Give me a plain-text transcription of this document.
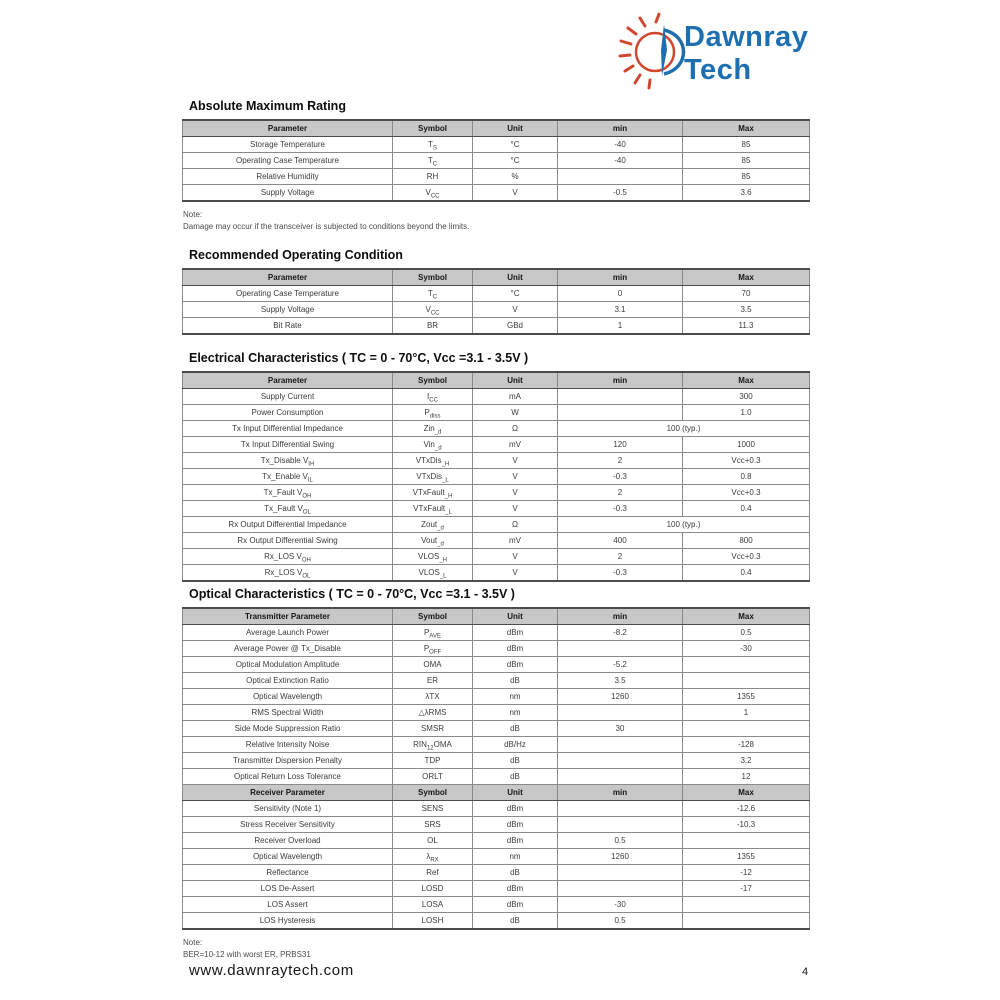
Dawnray Tech
Absolute Maximum Rating
Parameter	Symbol	Unit	min	Max
Storage Temperature	$T_S$	°C	-40	85
Operating Case Temperature	$T_C$	°C	-40	85
Relative Humidity	RH	%		85
Supply Voltage	$V_{CC}$	V	-0.5	3.6
Note:
Damage may occur if the transceiver is subjected to conditions beyond the limits.
Recommended Operating Condition
Parameter	Symbol	Unit	min	Max
Operating Case Temperature	$T_C$	°C	0	70
Supply Voltage	$V_{CC}$	V	3.1	3.5
Bit Rate	BR	GBd	1	11.3
Electrical Characteristics ( TC = 0 - 70°C, Vcc =3.1 - 3.5V )
Parameter	Symbol	Unit	min	Max
Supply Current	$I_{CC}$	mA		300
Power Consumption	$P_{diss}$	W		1.0
Tx Input Differential Impedance	Zin$_{\_d}$	Ω	100 (typ.)	
Tx Input Differential Swing	Vin$_{\_d}$	mV	120	1000
Tx_Disable $V_{IH}$	VTxDis$_{\_H}$	V	2	Vcc+0.3
Tx_Enable $V_{IL}$	VTxDis$_{\_L}$	V	-0.3	0.8
Tx_Fault $V_{OH}$	VTxFault$_{\_H}$	V	2	Vcc+0.3
Tx_Fault $V_{OL}$	VTxFault$_{\_L}$	V	-0.3	0.4
Rx Output Differential Impedance	Zout$_{\_d}$	Ω	100 (typ.)	
Rx Output Differential Swing	Vout$_{\_d}$	mV	400	800
Rx_LOS $V_{OH}$	$VLOS_{\_H}$	V	2	Vcc+0.3
Rx_LOS $V_{OL}$	$VLOS_{\_L}$	V	-0.3	0.4
Optical Characteristics ( TC = 0 - 70°C, Vcc =3.1 - 3.5V )
Transmitter Parameter	Symbol	Unit	min	Max
Average Launch Power	$P_{AVE}$	dBm	-8.2	0.5
Average Power @ Tx_Disable	$P_{OFF}$	dBm		-30
Optical Modulation Amplitude	OMA	dBm	-5.2	
Optical Extinction Ratio	ER	dB	3.5	
Optical Wavelength	λTX	nm	1260	1355
RMS Spectral Width	△λRMS	nm		1
Side Mode Suppression Ratio	SMSR	dB	30	
Relative Intensity Noise	$RIN_{12}OMA$	dB/Hz		-128
Transmitter Dispersion Penalty	TDP	dB		3.2
Optical Return Loss Tolerance	ORLT	dB		12
Receiver Parameter	Symbol	Unit	min	Max
Sensitivity (Note 1)	SENS	dBm		-12.6
Stress Receiver Sensitivity	SRS	dBm		-10.3
Receiver Overload	OL	dBm	0.5	
Optical Wavelength	$\lambda_{RX}$	nm	1260	1355
Reflectance	Ref	dB		-12
LOS De-Assert	LOSD	dBm		-17
LOS Assert	LOSA	dBm	-30	
LOS Hysteresis	LOSH	dB	0.5	
Note:
BER=10-12 with worst ER, PRBS31
www.dawnraytech.com	4
